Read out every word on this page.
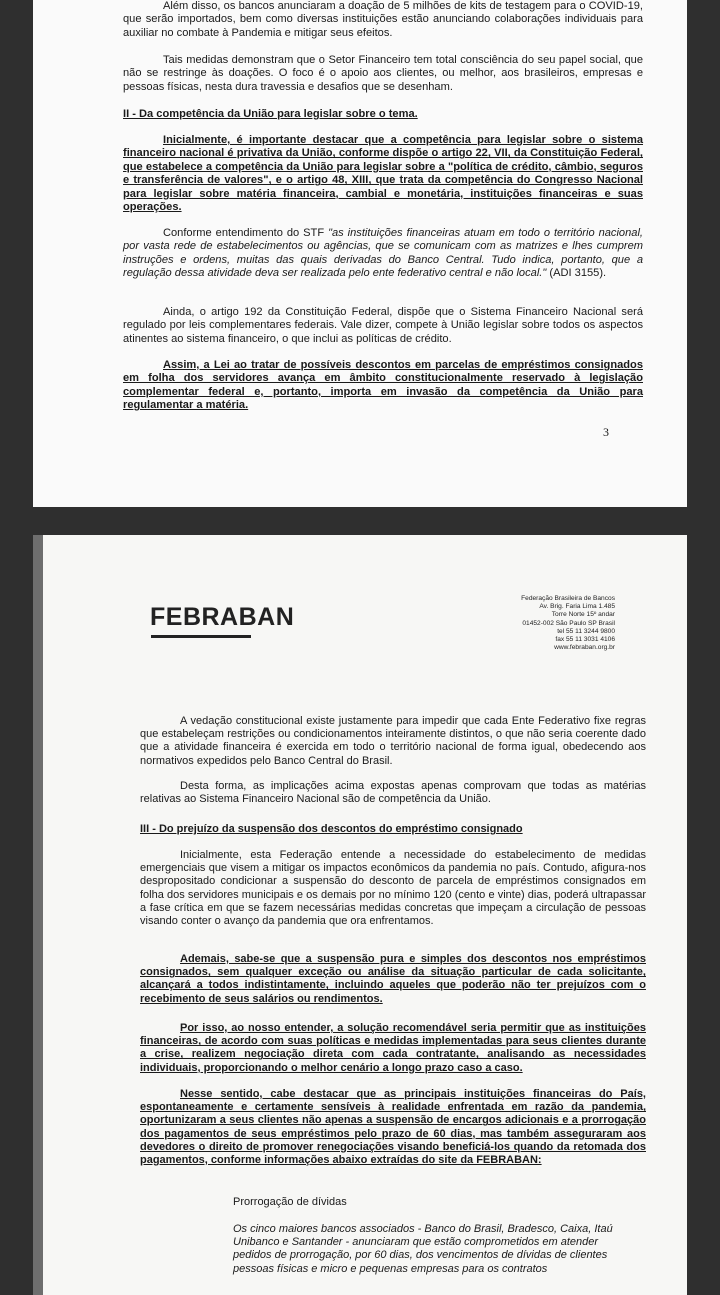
Além disso, os bancos anunciaram a doação de 5 milhões de kits de testagem para o COVID-19, que serão importados, bem como diversas instituições estão anunciando colaborações individuais para auxiliar no combate à Pandemia e mitigar seus efeitos.

Tais medidas demonstram que o Setor Financeiro tem total consciência do seu papel social, que não se restringe às doações. O foco é o apoio aos clientes, ou melhor, aos brasileiros, empresas e pessoas físicas, nesta dura travessia e desafios que se desenham.

II - Da competência da União para legislar sobre o tema.

Inicialmente, é importante destacar que a competência para legislar sobre o sistema financeiro nacional é privativa da União, conforme dispõe o artigo 22, VII, da Constituição Federal, que estabelece a competência da União para legislar sobre a "política de crédito, câmbio, seguros e transferência de valores", e o artigo 48, XIII, que trata da competência do Congresso Nacional para legislar sobre matéria financeira, cambial e monetária, instituições financeiras e suas operações.

Conforme entendimento do STF "as instituições financeiras atuam em todo o território nacional, por vasta rede de estabelecimentos ou agências, que se comunicam com as matrizes e lhes cumprem instruções e ordens, muitas das quais derivadas do Banco Central. Tudo indica, portanto, que a regulação dessa atividade deva ser realizada pelo ente federativo central e não local." (ADI 3155).

Ainda, o artigo 192 da Constituição Federal, dispõe que o Sistema Financeiro Nacional será regulado por leis complementares federais. Vale dizer, compete à União legislar sobre todos os aspectos atinentes ao sistema financeiro, o que inclui as políticas de crédito.

Assim, a Lei ao tratar de possíveis descontos em parcelas de empréstimos consignados em folha dos servidores avança em âmbito constitucionalmente reservado à legislação complementar federal e, portanto, importa em invasão da competência da União para regulamentar a matéria.

3
FEBRABAN
Federação Brasileira de Bancos
Av. Brig. Faria Lima 1.485
Torre Norte 15º andar
01452-002 São Paulo SP Brasil
tel 55 11 3244 9800
fax 55 11 3031 4106
www.febraban.org.br

A vedação constitucional existe justamente para impedir que cada Ente Federativo fixe regras que estabeleçam restrições ou condicionamentos inteiramente distintos, o que não seria coerente dado que a atividade financeira é exercida em todo o território nacional de forma igual, obedecendo aos normativos expedidos pelo Banco Central do Brasil.

Desta forma, as implicações acima expostas apenas comprovam que todas as matérias relativas ao Sistema Financeiro Nacional são de competência da União.

III - Do prejuízo da suspensão dos descontos do empréstimo consignado

Inicialmente, esta Federação entende a necessidade do estabelecimento de medidas emergenciais que visem a mitigar os impactos econômicos da pandemia no país. Contudo, afigura-nos despropositado condicionar a suspensão do desconto de parcela de empréstimos consignados em folha dos servidores municipais e os demais por no mínimo 120 (cento e vinte) dias, poderá ultrapassar a fase crítica em que se fazem necessárias medidas concretas que impeçam a circulação de pessoas visando conter o avanço da pandemia que ora enfrentamos.

Ademais, sabe-se que a suspensão pura e simples dos descontos nos empréstimos consignados, sem qualquer exceção ou análise da situação particular de cada solicitante, alcançará a todos indistintamente, incluindo aqueles que poderão não ter prejuízos com o recebimento de seus salários ou rendimentos.

Por isso, ao nosso entender, a solução recomendável seria permitir que as instituições financeiras, de acordo com suas políticas e medidas implementadas para seus clientes durante a crise, realizem negociação direta com cada contratante, analisando as necessidades individuais, proporcionando o melhor cenário a longo prazo caso a caso.

Nesse sentido, cabe destacar que as principais instituições financeiras do País, espontaneamente e certamente sensíveis à realidade enfrentada em razão da pandemia, oportunizaram a seus clientes não apenas a suspensão de encargos adicionais e a prorrogação dos pagamentos de seus empréstimos pelo prazo de 60 dias, mas também asseguraram aos devedores o direito de promover renegociações visando beneficiá-los quando da retomada dos pagamentos, conforme informações abaixo extraídas do site da FEBRABAN:

Prorrogação de dívidas

Os cinco maiores bancos associados - Banco do Brasil, Bradesco, Caixa, Itaú Unibanco e Santander - anunciaram que estão comprometidos em atender pedidos de prorrogação, por 60 dias, dos vencimentos de dívidas de clientes pessoas físicas e micro e pequenas empresas para os contratos
